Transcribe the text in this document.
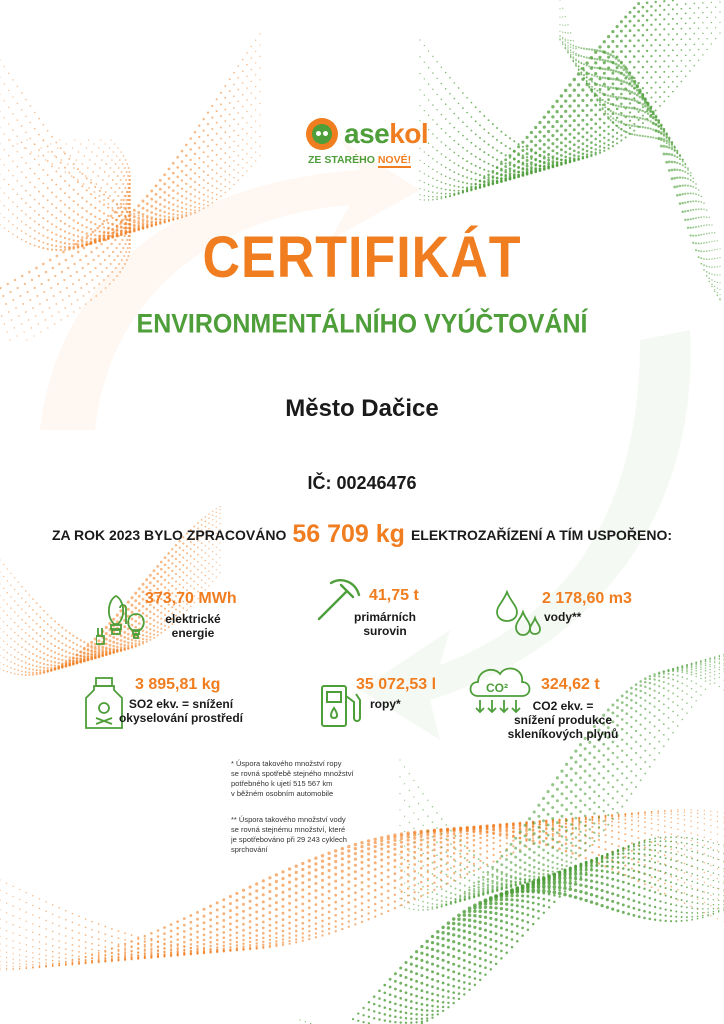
asekol
ZE STARÉHO NOVÉ!
CERTIFIKÁT
ENVIRONMENTÁLNÍHO VYÚČTOVÁNÍ
Město Dačice
IČ: 00246476
ZA ROK 2023 BYLO ZPRACOVÁNO 56 709 kg ELEKTROZAŘÍZENÍ A TÍM USPOŘENO:
373,70 MWh
elektrické
energie
41,75 t
primárních
surovin
2 178,60 m3
vody**
3 895,81 kg
SO2 ekv. = snížení
okyselování prostředí
35 072,53 l
ropy*
CO² 324,62 t
CO2 ekv. =
snížení produkce
skleníkových plynů
* Úspora takového množství ropy
se rovná spotřebě stejného množství
potřebného k ujetí 515 567 km
v běžném osobním automobile
** Úspora takového množství vody
se rovná stejnému množství, které
je spotřebováno při 29 243 cyklech
sprchování
